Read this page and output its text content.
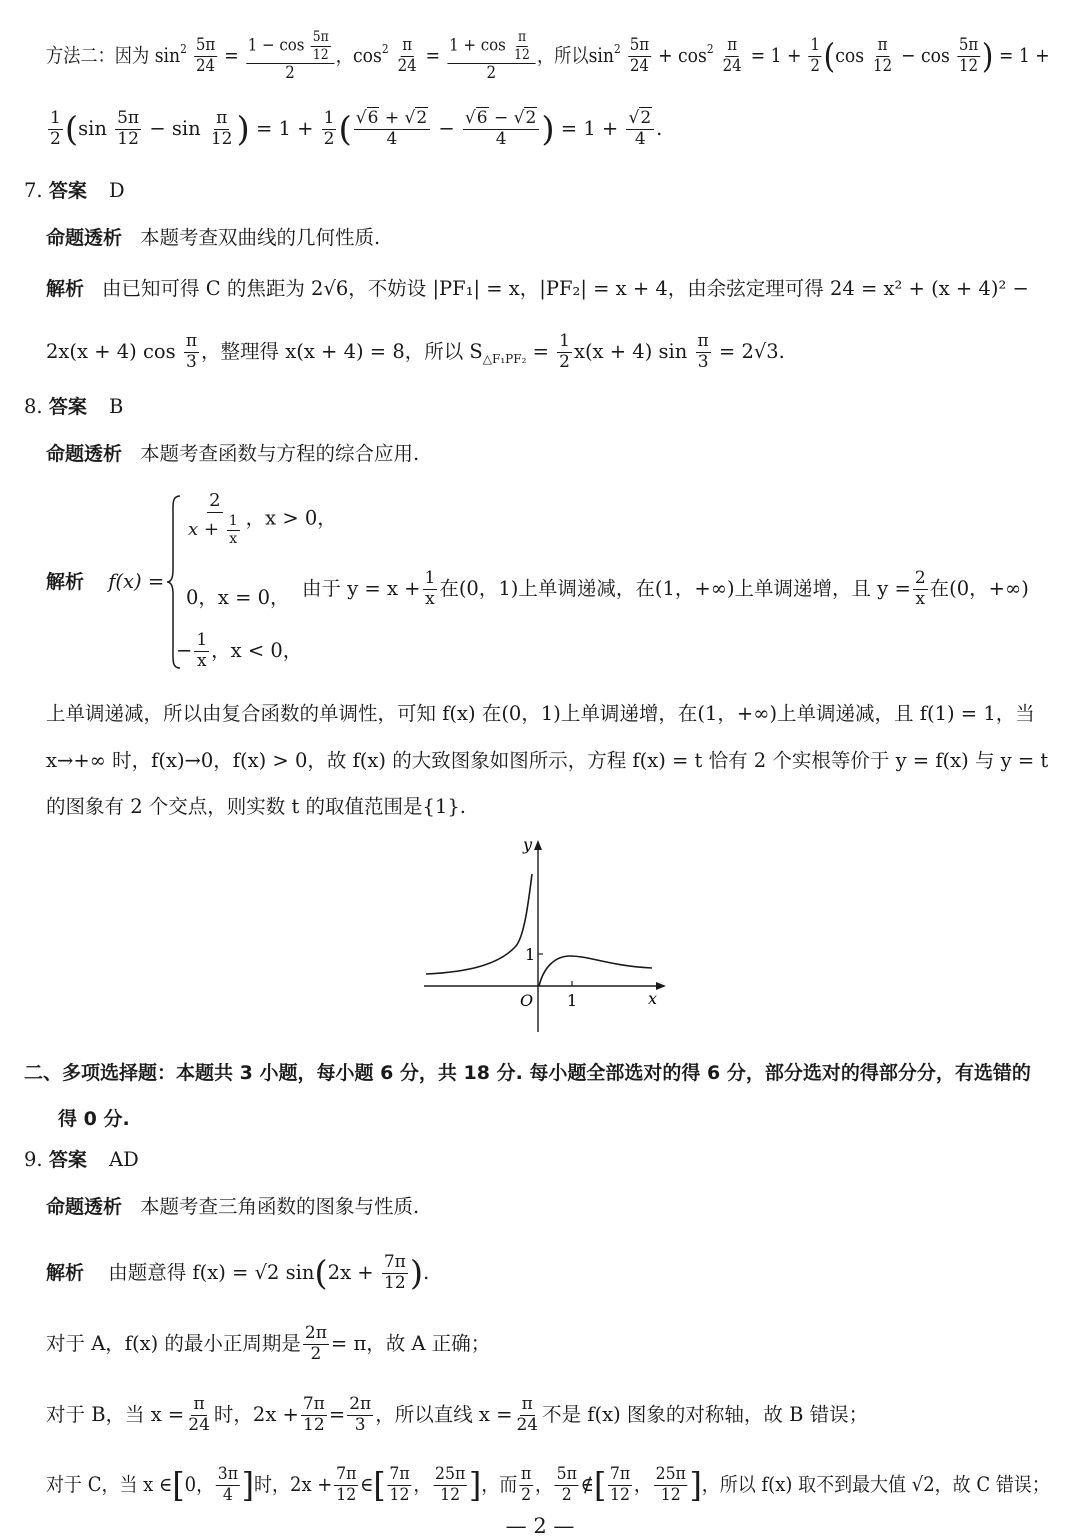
方法二：因为 $\sin^2 \frac{5\pi}{24} = \frac{1 - \cos \frac{5\pi}{12}}{2}$ ，$\cos^2 \frac{\pi}{24} = \frac{1 + \cos \frac{\pi}{12}}{2}$ ，所以$\sin^2 \frac{5\pi}{24} + \cos^2 \frac{\pi}{24} = 1 + \frac{1}{2} (\cos \frac{\pi}{12} - \cos \frac{5\pi}{12}$ ) = 1 +
$\frac{1}{2} (\sin \frac{5\pi}{12} - \sin \frac{\pi}{12}$ ) = $1 + \frac{1}{2}$ ( $\frac{√6 + √2}{4} - \frac{√6 - √2}{4}$ ) = $1 + \frac{√2}{4}$ .
7. 答案 D
命题透析 本题考查双曲线的几何性质.
解析 由已知可得 C 的焦距为 2√6，不妨设 |PF₁| = x，|PF₂| = x + 4，由余弦定理可得 24 = x² + (x + 4)² −
2x(x + 4) $\cos \frac{\pi}{3}$ ，整理得 x(x + 4) = 8，所以 $S_{\triangle F_1PF_2} = \frac{1}{2} x(x + 4)$ $\sin \frac{\pi}{3} = 2√3$.
8. 答案 B
命题透析 本题考查函数与方程的综合应用.
解析 f(x) =
$\frac{2}{x + \frac{1}{x}}$ ，x > 0，
0，x = 0，
− $\frac{1}{x}$ ，x < 0，
由于 $y = x + \frac{1}{x}$ 在(0，1)上单调递减，在(1，+∞)上单调递增，且 $y = \frac{2}{x}$ 在(0，+∞)
上单调递减，所以由复合函数的单调性，可知 f(x) 在(0，1)上单调递增，在(1，+∞)上单调递减，且 f(1) = 1，当
x→+∞ 时，f(x)→0，f(x) > 0，故 f(x) 的大致图象如图所示，方程 f(x) = t 恰有 2 个实根等价于 y = f(x) 与 y = t
的图象有 2 个交点，则实数 t 的取值范围是{1}.
y
x
O 1
1
二、多项选择题：本题共 3 小题，每小题 6 分，共 18 分. 每小题全部选对的得 6 分，部分选对的得部分分，有选错的
得 0 分.
9. 答案 AD
命题透析 本题考查三角函数的图象与性质.
解析 由题意得 f(x) = √2 $\sin(2x + \frac{7\pi}{12}$ ).
对于 A，f(x) 的最小正周期是 $\frac{2\pi}{2} = \pi$，故 A 正确；
对于 B，当 $x = \frac{\pi}{24}$ 时，$2x + \frac{7\pi}{12} = \frac{2\pi}{3}$ ，所以直线 $x = \frac{\pi}{24}$ 不是 f(x) 图象的对称轴，故 B 错误；
对于 C，当 x ∈[0， $\frac{3\pi}{4}$ ]时，$2x + \frac{7\pi}{12}$ ∈[ $\frac{7\pi}{12}$ ， $\frac{25\pi}{12}$ ]，而 $\frac{\pi}{2}$ ， $\frac{5\pi}{2}$ ∉[ $\frac{7\pi}{12}$ ， $\frac{25\pi}{12}$ ]，所以 f(x) 取不到最大值 √2，故 C 错误；
— 2 —
